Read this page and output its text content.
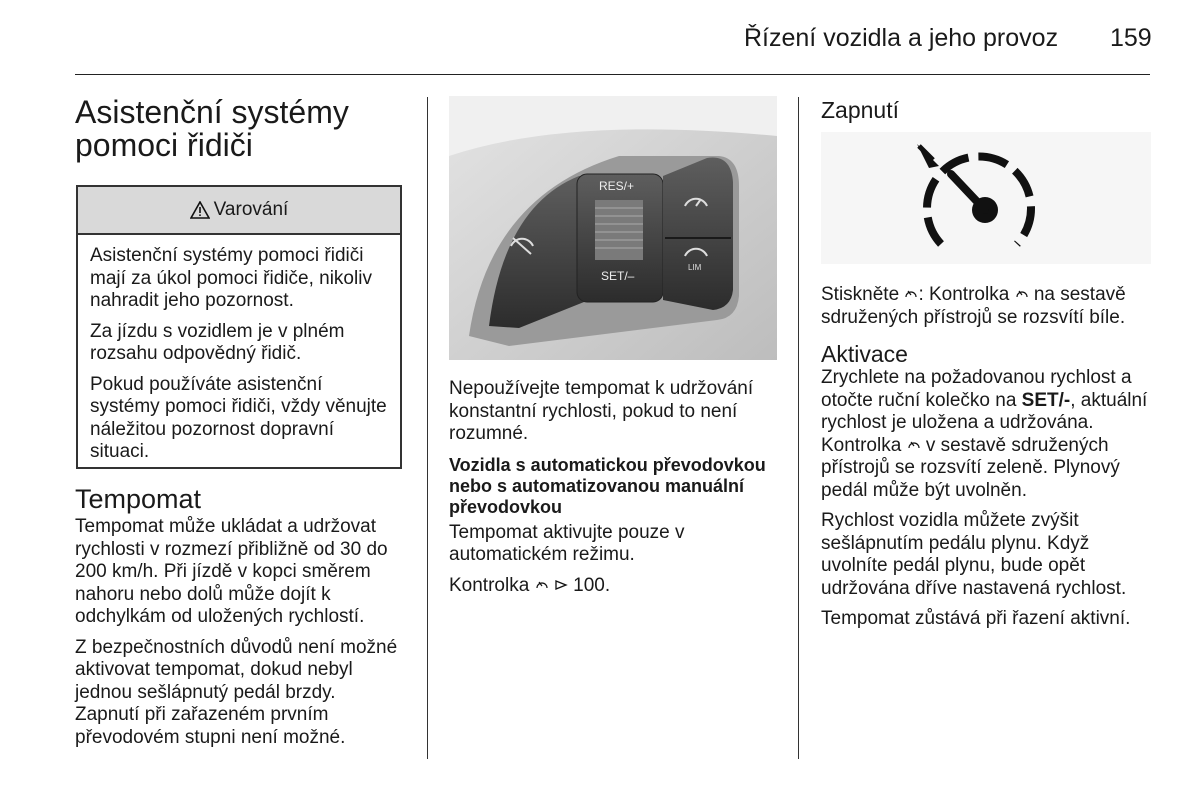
Řízení vozidla a jeho provoz 159
Asistenční systémy pomoci řidiči
Varování

Asistenční systémy pomoci řidiči mají za úkol pomoci řidiče, nikoliv nahradit jeho pozornost.

Za jízdu s vozidlem je v plném rozsahu odpovědný řidič.

Pokud používáte asistenční systémy pomoci řidiči, vždy věnujte náležitou pozornost dopravní situaci.

Tempomat

Tempomat může ukládat a udržovat rychlosti v rozmezí přibližně od 30 do 200 km/h. Při jízdě v kopci směrem nahoru nebo dolů může dojít k odchylkám od uložených rychlostí.

Z bezpečnostních důvodů není možné aktivovat tempomat, dokud nebyl jednou sešlápnutý pedál brzdy. Zapnutí při zařazeném prvním převodovém stupni není možné.

RES/+
SET/–
LIM

Nepoužívejte tempomat k udržování konstantní rychlosti, pokud to není rozumné.

Vozidla s automatickou převodovkou nebo s automatizovanou manuální převodovkou

Tempomat aktivujte pouze v automatickém režimu.

Kontrolka 100.

Zapnutí

Stiskněte : Kontrolka na sestavě sdružených přístrojů se rozsvítí bíle.

Aktivace

Zrychlete na požadovanou rychlost a otočte ruční kolečko na SET/-, aktuální rychlost je uložena a udržována. Kontrolka v sestavě sdružených přístrojů se rozsvítí zeleně. Plynový pedál může být uvolněn.

Rychlost vozidla můžete zvýšit sešlápnutím pedálu plynu. Když uvolníte pedál plynu, bude opět udržována dříve nastavená rychlost.

Tempomat zůstává při řazení aktivní.
